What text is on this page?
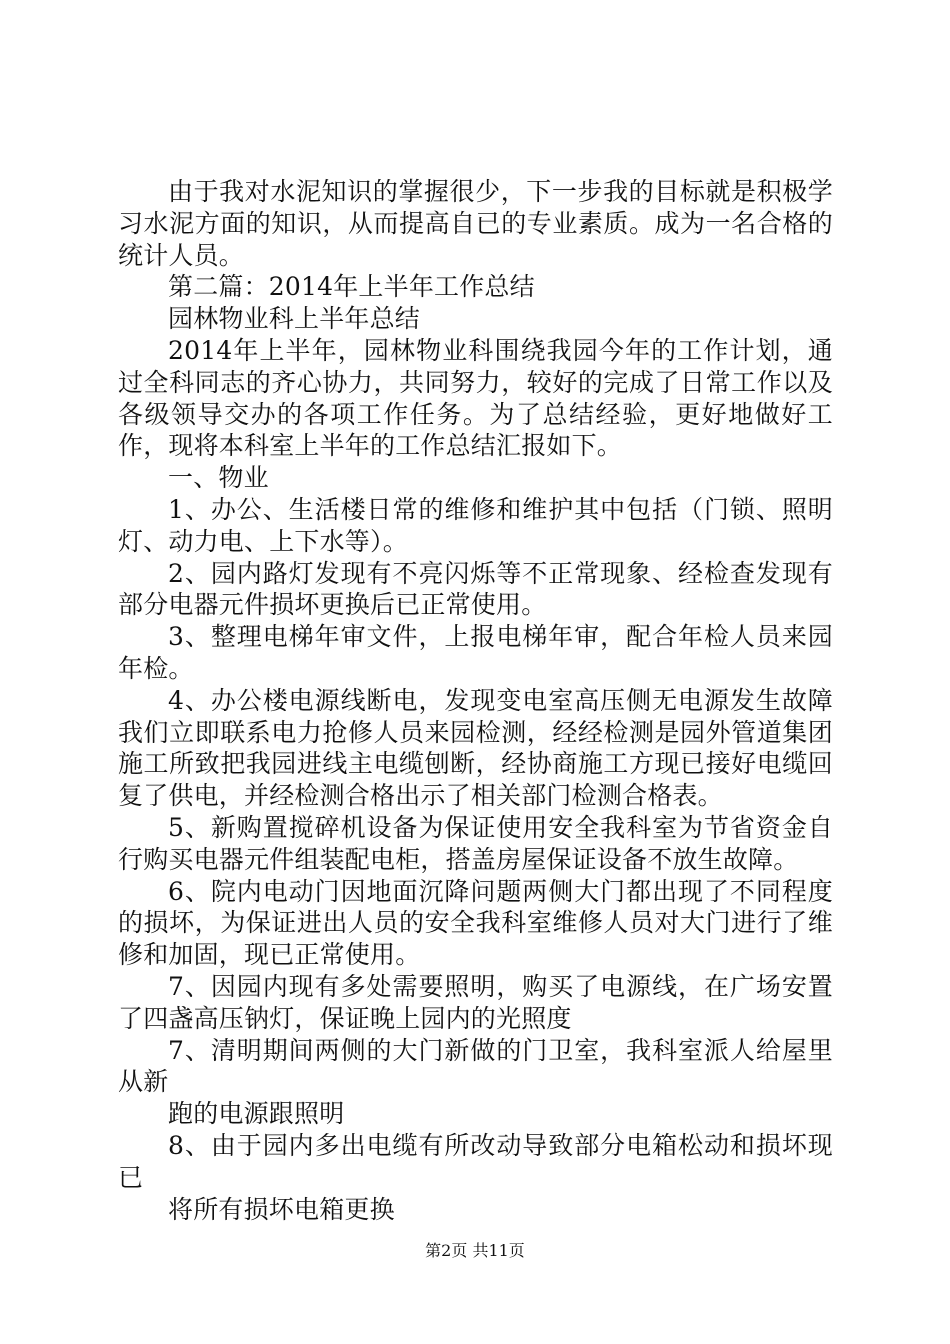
由于我对水泥知识的掌握很少，下一步我的目标就是积极学习水泥方面的知识，从而提高自已的专业素质。成为一名合格的统计人员。

第二篇：2014年上半年工作总结

园林物业科上半年总结

2014年上半年，园林物业科围绕我园今年的工作计划，通过全科同志的齐心协力，共同努力，较好的完成了日常工作以及各级领导交办的各项工作任务。为了总结经验，更好地做好工作，现将本科室上半年的工作总结汇报如下。

一、物业

1、办公、生活楼日常的维修和维护其中包括（门锁、照明灯、动力电、上下水等）。

2、园内路灯发现有不亮闪烁等不正常现象、经检查发现有部分电器元件损坏更换后已正常使用。

3、整理电梯年审文件，上报电梯年审，配合年检人员来园年检。

4、办公楼电源线断电，发现变电室高压侧无电源发生故障我们立即联系电力抢修人员来园检测，经经检测是园外管道集团施工所致把我园进线主电缆刨断，经协商施工方现已接好电缆回复了供电，并经检测合格出示了相关部门检测合格表。

5、新购置搅碎机设备为保证使用安全我科室为节省资金自行购买电器元件组装配电柜，搭盖房屋保证设备不放生故障。

6、院内电动门因地面沉降问题两侧大门都出现了不同程度的损坏，为保证进出人员的安全我科室维修人员对大门进行了维修和加固，现已正常使用。

7、因园内现有多处需要照明，购买了电源线，在广场安置了四盏高压钠灯，保证晚上园内的光照度

7、清明期间两侧的大门新做的门卫室，我科室派人给屋里从新

跑的电源跟照明

8、由于园内多出电缆有所改动导致部分电箱松动和损坏现已

将所有损坏电箱更换

第2页 共11页
